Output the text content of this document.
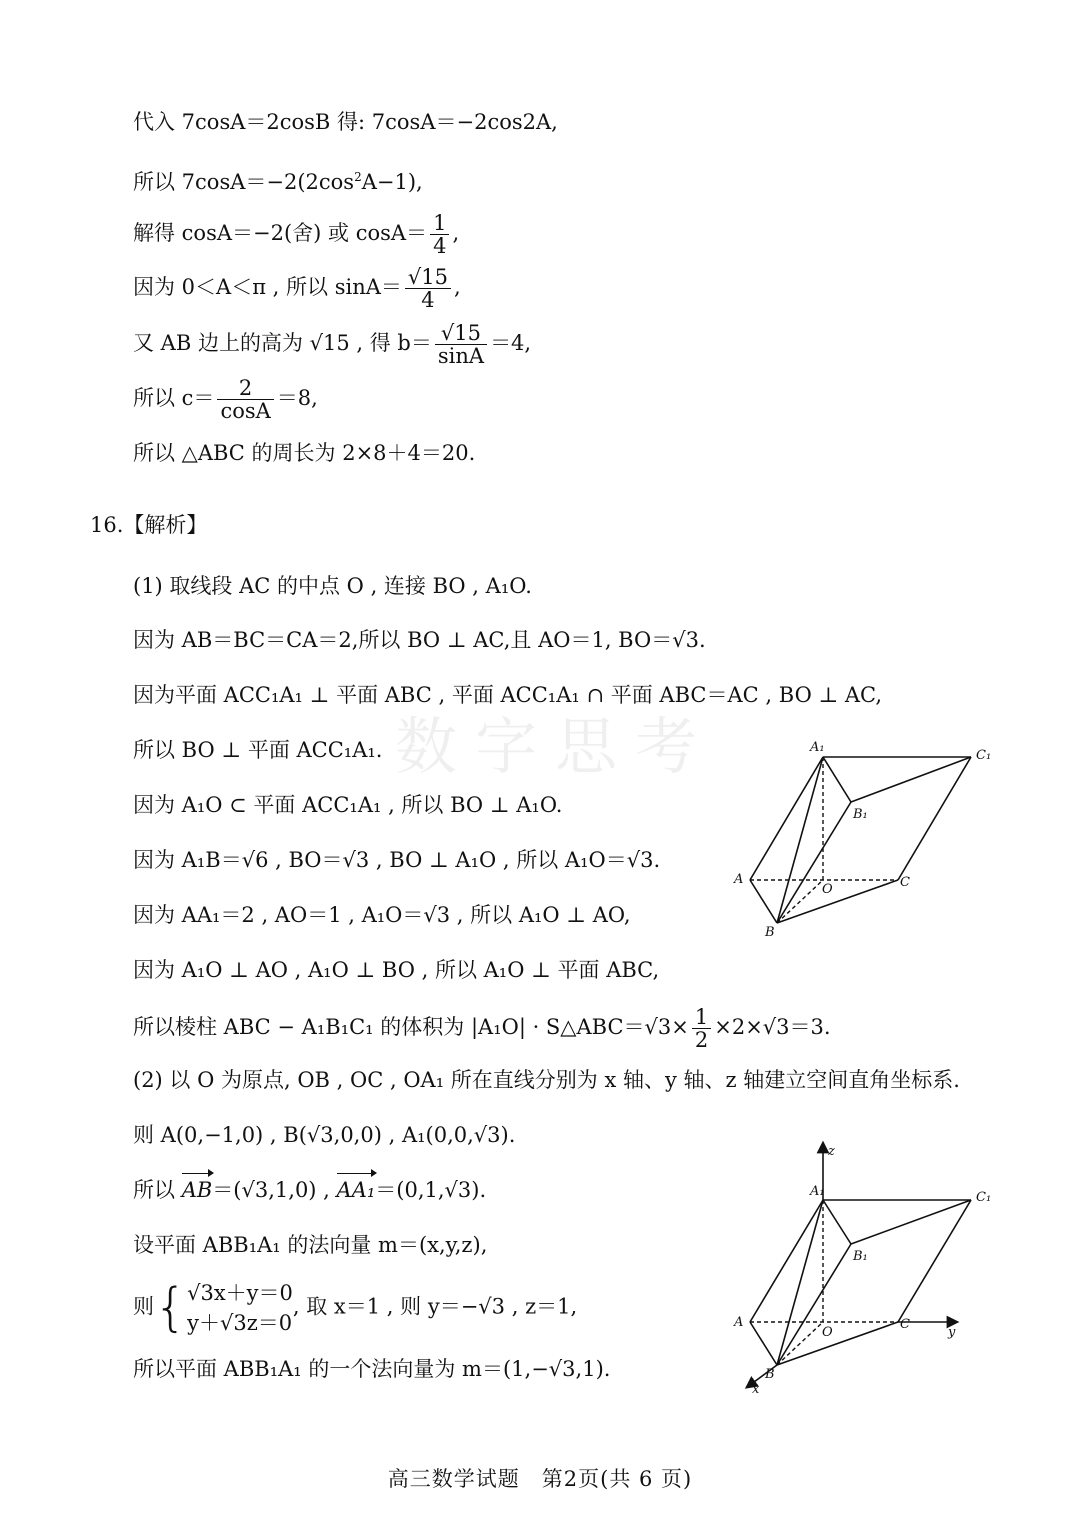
数字思考
代入 7cosA＝2cosB 得: 7cosA＝−2cos2A,
所以 $7\cos A=-2(2\cos^2A-1)$,
解得 cosA＝−2(舍) 或 $\cos A= \frac{1}{4}$ ,
因为 0＜A＜π , 所以 $\sin A= \frac{√15}{4}$ ,
又 AB 边上的高为 √15 , 得 $b= \frac{√15}{\sin A} =4$,
所以 $c= \frac{2}{\cos A} =8$,
所以 △ABC 的周长为 2×8＋4＝20.
16.【解析】
(1) 取线段 AC 的中点 O , 连接 BO , A₁O.
因为 AB＝BC＝CA＝2,所以 BO ⊥ AC,且 AO＝1, BO＝√3.
因为平面 ACC₁A₁ ⊥ 平面 ABC , 平面 ACC₁A₁ ∩ 平面 ABC＝AC , BO ⊥ AC,
所以 BO ⊥ 平面 ACC₁A₁.
因为 A₁O ⊂ 平面 ACC₁A₁ , 所以 BO ⊥ A₁O.
因为 A₁B＝√6 , BO＝√3 , BO ⊥ A₁O , 所以 A₁O＝√3.
因为 AA₁＝2 , AO＝1 , A₁O＝√3 , 所以 A₁O ⊥ AO,
因为 A₁O ⊥ AO , A₁O ⊥ BO , 所以 A₁O ⊥ 平面 ABC,
所以棱柱 ABC − A₁B₁C₁ 的体积为 |A₁O| · S△ABC＝√3× $\frac{1}{2} \times 2\times√3=3$.
(2) 以 O 为原点, OB , OC , OA₁ 所在直线分别为 x 轴、y 轴、z 轴建立空间直角坐标系.
则 A(0,−1,0) , B(√3,0,0) , A₁(0,0,√3).
所以 AB＝(√3,1,0) , AA₁＝(0,1,√3).
设平面 ABB₁A₁ 的法向量 m＝(x,y,z),
则{ √3x＋y＝0
y＋√3z＝0
, 取 x＝1 , 则 y＝−√3 , z＝1,
所以平面 ABB₁A₁ 的一个法向量为 m＝(1,−√3,1).
A₁
C₁
B₁
A
O	C
B
z
A₁	C₁
B₁
A
O
C
y
B
x
高三数学试题　第2页(共 6 页)
